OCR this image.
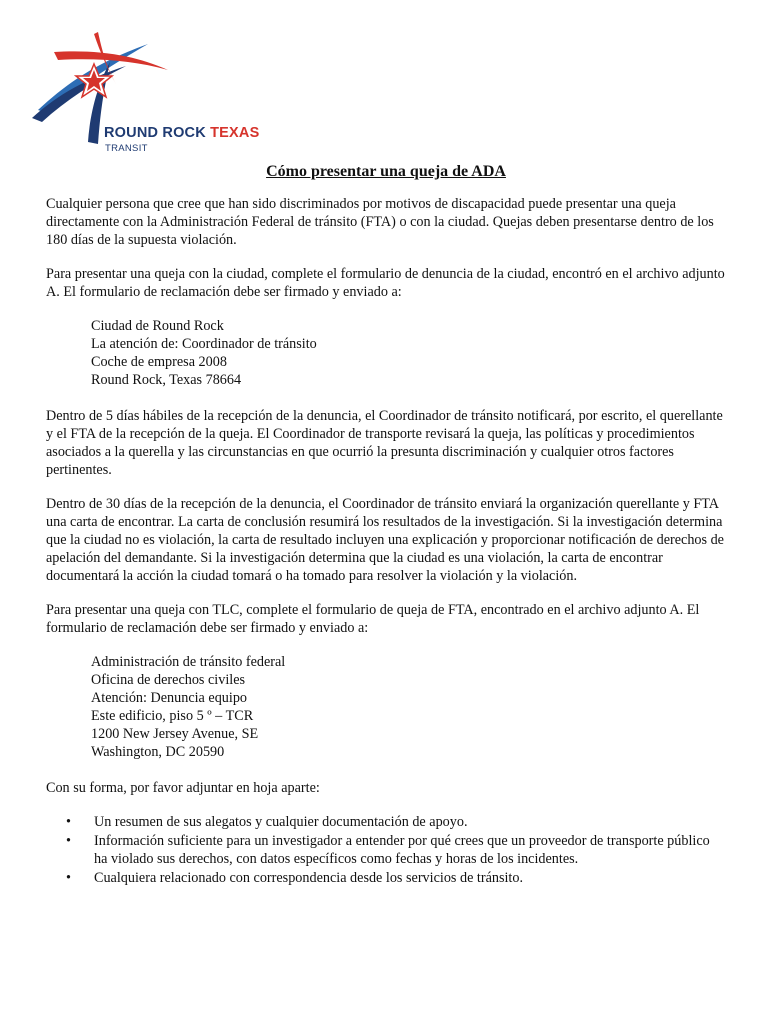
ROUND ROCK TEXAS
TRANSIT
Cómo presentar una queja de ADA

Cualquier persona que cree que han sido discriminados por motivos de discapacidad puede presentar una queja directamente con la Administración Federal de tránsito (FTA) o con la ciudad. Quejas deben presentarse dentro de los 180 días de la supuesta violación.

Para presentar una queja con la ciudad, complete el formulario de denuncia de la ciudad, encontró en el archivo adjunto A. El formulario de reclamación debe ser firmado y enviado a:

Ciudad de Round Rock
La atención de: Coordinador de tránsito
Coche de empresa 2008
Round Rock, Texas 78664

Dentro de 5 días hábiles de la recepción de la denuncia, el Coordinador de tránsito notificará, por escrito, el querellante y el FTA de la recepción de la queja. El Coordinador de transporte revisará la queja, las políticas y procedimientos asociados a la querella y las circunstancias en que ocurrió la presunta discriminación y cualquier otros factores pertinentes.

Dentro de 30 días de la recepción de la denuncia, el Coordinador de tránsito enviará la organización querellante y FTA una carta de encontrar. La carta de conclusión resumirá los resultados de la investigación. Si la investigación determina que la ciudad no es violación, la carta de resultado incluyen una explicación y proporcionar notificación de derechos de apelación del demandante. Si la investigación determina que la ciudad es una violación, la carta de encontrar documentará la acción la ciudad tomará o ha tomado para resolver la violación y la violación.

Para presentar una queja con TLC, complete el formulario de queja de FTA, encontrado en el archivo adjunto A. El formulario de reclamación debe ser firmado y enviado a:

Administración de tránsito federal
Oficina de derechos civiles
Atención: Denuncia equipo
Este edificio, piso 5 º – TCR
1200 New Jersey Avenue, SE
Washington, DC 20590

Con su forma, por favor adjuntar en hoja aparte:

• Un resumen de sus alegatos y cualquier documentación de apoyo.
• Información suficiente para un investigador a entender por qué crees que un proveedor de transporte público ha violado sus derechos, con datos específicos como fechas y horas de los incidentes.
• Cualquiera relacionado con correspondencia desde los servicios de tránsito.
